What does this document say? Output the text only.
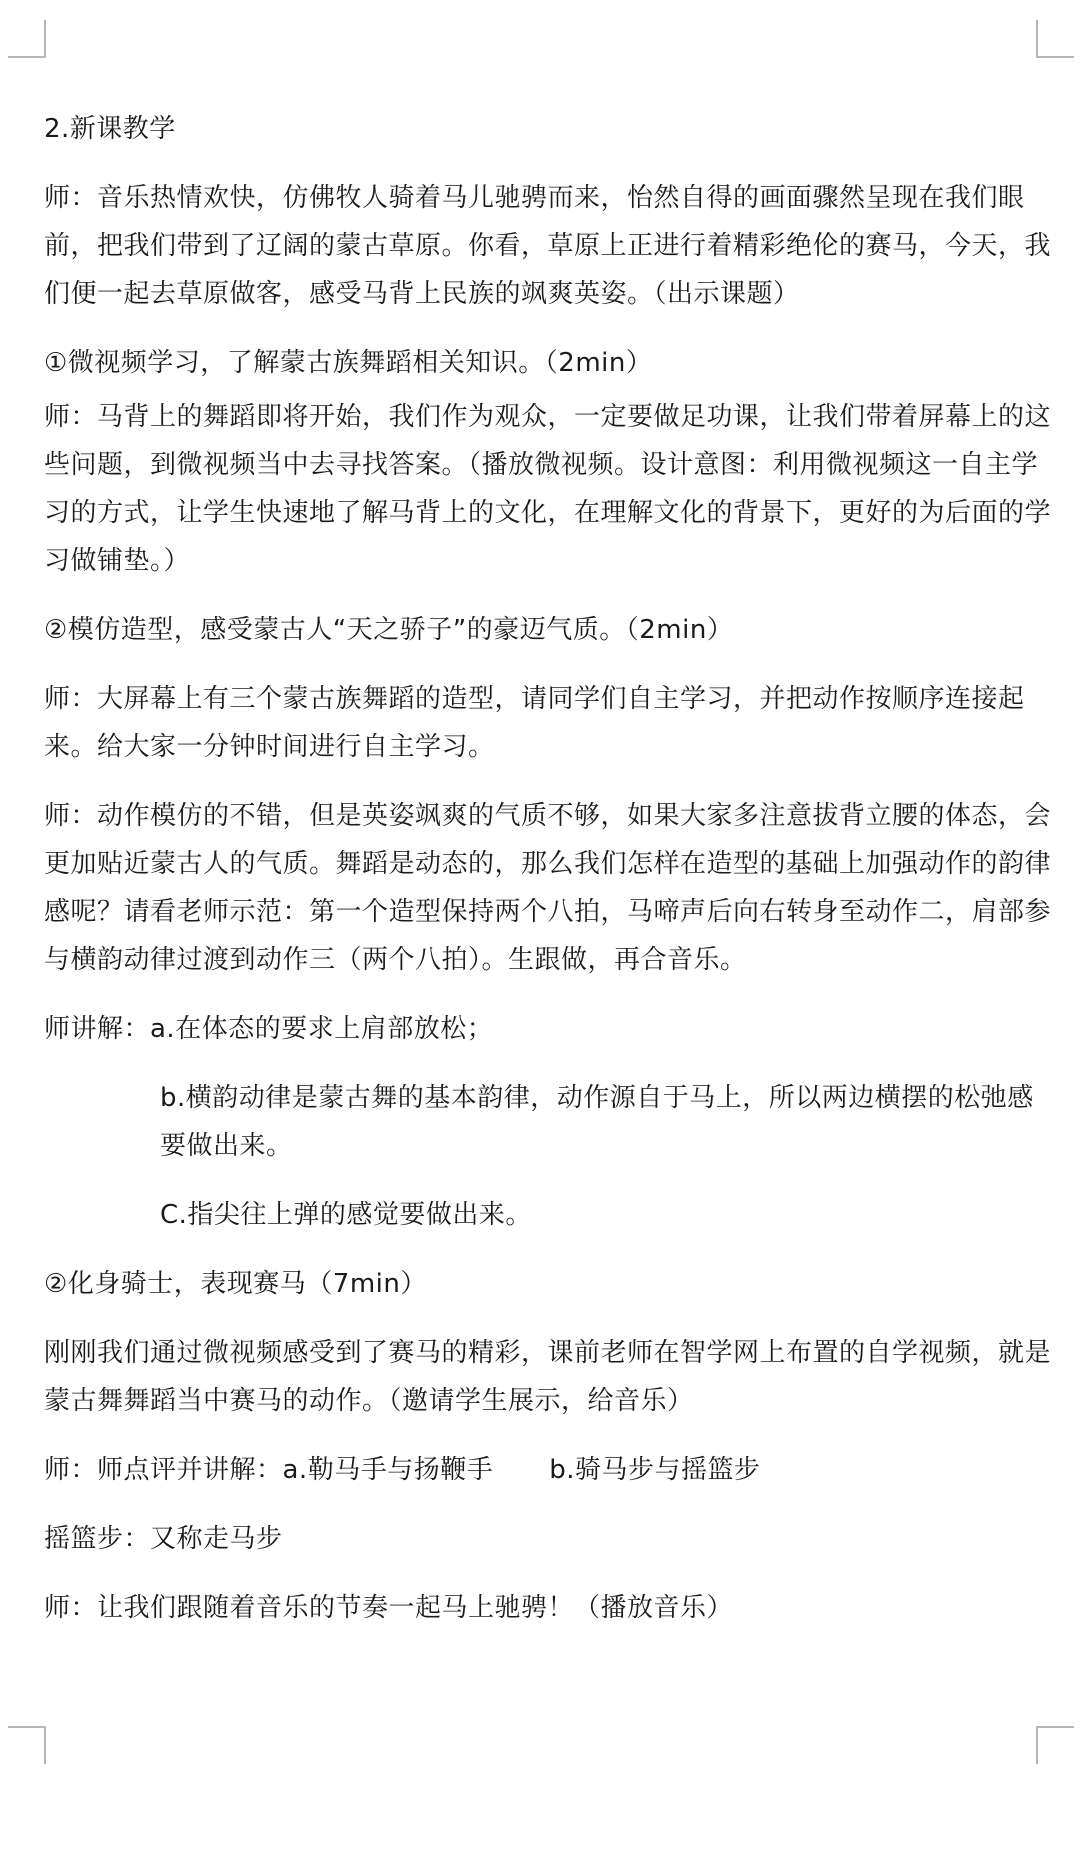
2.新课教学

师：音乐热情欢快，仿佛牧人骑着马儿驰骋而来，怡然自得的画面骤然呈现在我们眼前，把我们带到了辽阔的蒙古草原。你看，草原上正进行着精彩绝伦的赛马，今天，我们便一起去草原做客，感受马背上民族的飒爽英姿。（出示课题）

①微视频学习，了解蒙古族舞蹈相关知识。（2min）

师：马背上的舞蹈即将开始，我们作为观众，一定要做足功课，让我们带着屏幕上的这些问题，到微视频当中去寻找答案。（播放微视频。设计意图：利用微视频这一自主学习的方式，让学生快速地了解马背上的文化，在理解文化的背景下，更好的为后面的学习做铺垫。）

②模仿造型，感受蒙古人“天之骄子”的豪迈气质。（2min）

师：大屏幕上有三个蒙古族舞蹈的造型，请同学们自主学习，并把动作按顺序连接起来。给大家一分钟时间进行自主学习。

师：动作模仿的不错，但是英姿飒爽的气质不够，如果大家多注意拔背立腰的体态，会更加贴近蒙古人的气质。舞蹈是动态的，那么我们怎样在造型的基础上加强动作的韵律感呢？请看老师示范：第一个造型保持两个八拍，马啼声后向右转身至动作二，肩部参与横韵动律过渡到动作三（两个八拍）。生跟做，再合音乐。

师讲解：a.在体态的要求上肩部放松；

b.横韵动律是蒙古舞的基本韵律，动作源自于马上，所以两边横摆的松弛感要做出来。

C.指尖往上弹的感觉要做出来。

②化身骑士，表现赛马（7min）

刚刚我们通过微视频感受到了赛马的精彩，课前老师在智学网上布置的自学视频，就是蒙古舞舞蹈当中赛马的动作。（邀请学生展示，给音乐）

师：师点评并讲解：a.勒马手与扬鞭手 b.骑马步与摇篮步

摇篮步：又称走马步

师：让我们跟随着音乐的节奏一起马上驰骋！（播放音乐）
